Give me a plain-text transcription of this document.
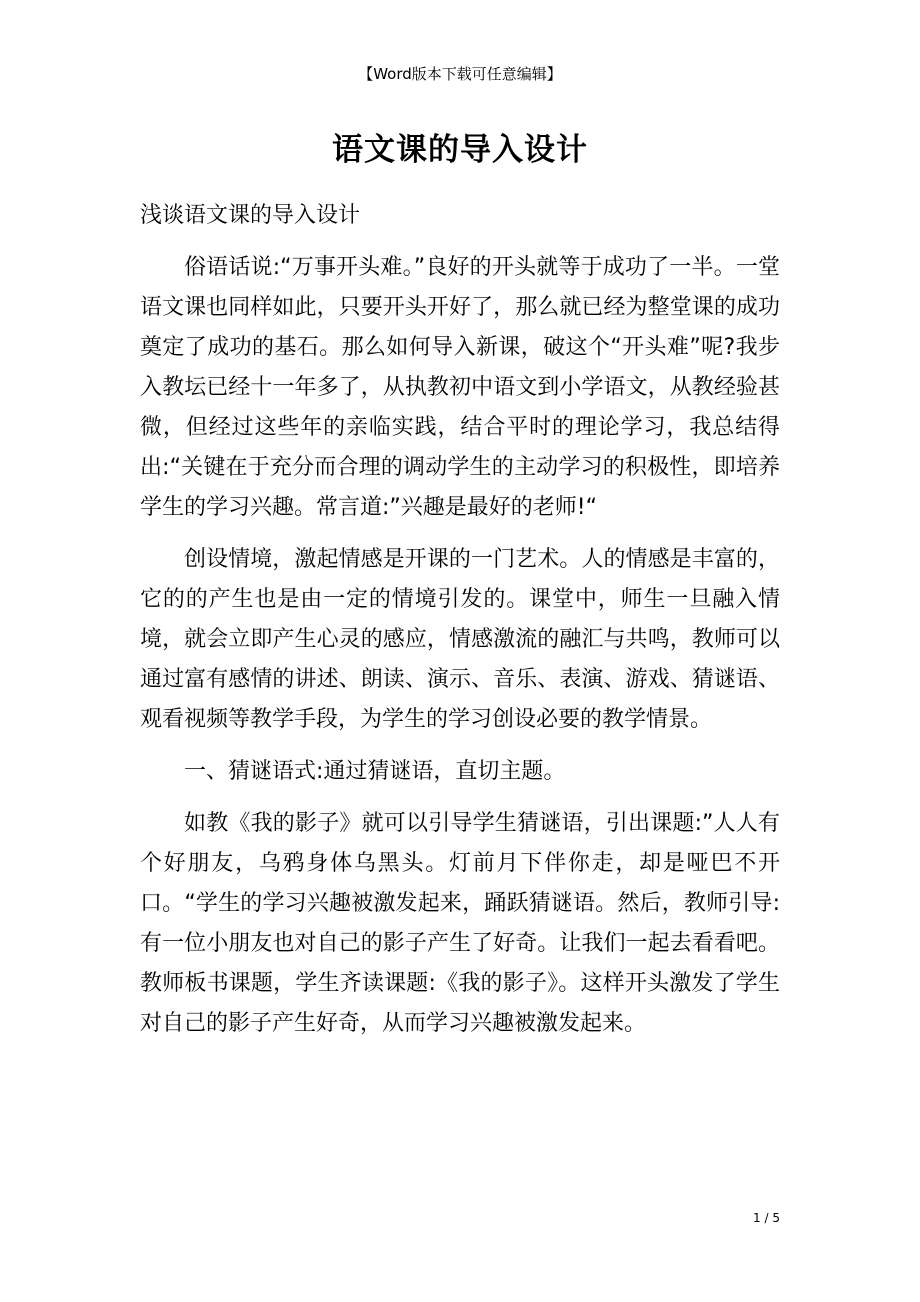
【Word版本下载可任意编辑】
语文课的导入设计

浅谈语文课的导入设计

俗语话说:“万事开头难。”良好的开头就等于成功了一半。一堂语文课也同样如此，只要开头开好了，那么就已经为整堂课的成功奠定了成功的基石。那么如何导入新课，破这个“开头难”呢?我步入教坛已经十一年多了，从执教初中语文到小学语文，从教经验甚微，但经过这些年的亲临实践，结合平时的理论学习，我总结得出:“关键在于充分而合理的调动学生的主动学习的积极性，即培养学生的学习兴趣。常言道:”兴趣是最好的老师!“

创设情境，激起情感是开课的一门艺术。人的情感是丰富的，它的的产生也是由一定的情境引发的。课堂中，师生一旦融入情境，就会立即产生心灵的感应，情感激流的融汇与共鸣，教师可以通过富有感情的讲述、朗读、演示、音乐、表演、游戏、猜谜语、观看视频等教学手段，为学生的学习创设必要的教学情景。

一、猜谜语式:通过猜谜语，直切主题。

如教《我的影子》就可以引导学生猜谜语，引出课题:”人人有个好朋友，乌鸦身体乌黑头。灯前月下伴你走，却是哑巴不开口。“学生的学习兴趣被激发起来，踊跃猜谜语。然后，教师引导:有一位小朋友也对自己的影子产生了好奇。让我们一起去看看吧。教师板书课题，学生齐读课题:《我的影子》。这样开头激发了学生对自己的影子产生好奇，从而学习兴趣被激发起来。

1 / 5
